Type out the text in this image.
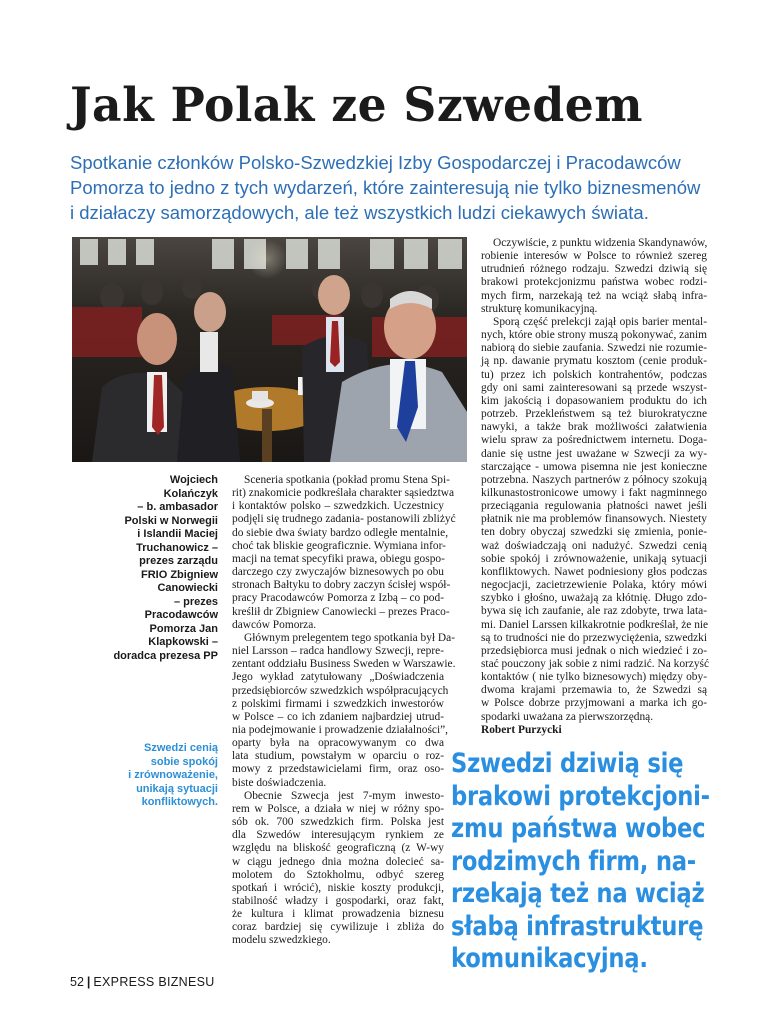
Jak Polak ze Szwedem
Spotkanie członków Polsko-Szwedzkiej Izby Gospodarczej i Pracodawców
Pomorza to jedno z tych wydarzeń, które zainteresują nie tylko biznesmenów
i działaczy samorządowych, ale też wszystkich ludzi ciekawych świata.
Wojciech
Kolańczyk
– b. ambasador
Polski w Norwegii
i Islandii Maciej
Truchanowicz –
prezes zarządu
FRIO Zbigniew
Canowiecki
– prezes
Pracodawców
Pomorza Jan
Klapkowski –
doradca prezesa PP
Szwedzi cenią
sobie spokój
i zrównoważenie,
unikają sytuacji
konfliktowych.
Sceneria spotkania (pokład promu Stena Spi-
rit) znakomicie podkreślała charakter sąsiedztwa
i kontaktów polsko – szwedzkich. Uczestnicy
podjęli się trudnego zadania- postanowili zbliżyć
do siebie dwa światy bardzo odległe mentalnie,
choć tak bliskie geograficznie. Wymiana infor-
macji na temat specyfiki prawa, obiegu gospo-
darczego czy zwyczajów biznesowych po obu
stronach Bałtyku to dobry zaczyn ścisłej współ-
pracy Pracodawców Pomorza z Izbą – co pod-
kreślił dr Zbigniew Canowiecki – prezes Praco-
dawców Pomorza.
Głównym prelegentem tego spotkania był Da-
niel Larsson – radca handlowy Szwecji, repre-
zentant oddziału Business Sweden w Warszawie.
Jego wykład zatytułowany „Doświadczenia
przedsiębiorców szwedzkich współpracujących
z polskimi firmami i szwedzkich inwestorów
w Polsce – co ich zdaniem najbardziej utrud-
nia podejmowanie i prowadzenie działalności”,
oparty była na opracowywanym co dwa
lata studium, powstałym w oparciu o roz-
mowy z przedstawicielami firm, oraz oso-
biste doświadczenia.
Obecnie Szwecja jest 7-mym inwesto-
rem w Polsce, a działa w niej w różny spo-
sób ok. 700 szwedzkich firm. Polska jest
dla Szwedów interesującym rynkiem ze
względu na bliskość geograficzną (z W-wy
w ciągu jednego dnia można dolecieć sa-
molotem do Sztokholmu, odbyć szereg
spotkań i wrócić), niskie koszty produkcji,
stabilność władzy i gospodarki, oraz fakt,
że kultura i klimat prowadzenia biznesu
coraz bardziej się cywilizuje i zbliża do
modelu szwedzkiego.
Oczywiście, z punktu widzenia Skandynawów,
robienie interesów w Polsce to również szereg
utrudnień różnego rodzaju. Szwedzi dziwią się
brakowi protekcjonizmu państwa wobec rodzi-
mych firm, narzekają też na wciąż słabą infra-
strukturę komunikacyjną.
Sporą część prelekcji zajął opis barier mental-
nych, które obie strony muszą pokonywać, zanim
nabiorą do siebie zaufania. Szwedzi nie rozumie-
ją np. dawanie prymatu kosztom (cenie produk-
tu) przez ich polskich kontrahentów, podczas
gdy oni sami zainteresowani są przede wszyst-
kim jakością i dopasowaniem produktu do ich
potrzeb. Przekleństwem są też biurokratyczne
nawyki, a także brak możliwości załatwienia
wielu spraw za pośrednictwem internetu. Doga-
danie się ustne jest uważane w Szwecji za wy-
starczające - umowa pisemna nie jest konieczne
potrzebna. Naszych partnerów z północy szokują
kilkunastostronicowe umowy i fakt nagminnego
przeciągania regulowania płatności nawet jeśli
płatnik nie ma problemów finansowych. Niestety
ten dobry obyczaj szwedzki się zmienia, ponie-
waż doświadczają oni nadużyć. Szwedzi cenią
sobie spokój i zrównoważenie, unikają sytuacji
konfliktowych. Nawet podniesiony głos podczas
negocjacji, zacietrzewienie Polaka, który mówi
szybko i głośno, uważają za kłótnię. Długo zdo-
bywa się ich zaufanie, ale raz zdobyte, trwa lata-
mi. Daniel Larssen kilkakrotnie podkreślał, że nie
są to trudności nie do przezwyciężenia, szwedzki
przedsiębiorca musi jednak o nich wiedzieć i zo-
stać pouczony jak sobie z nimi radzić. Na korzyść
kontaktów ( nie tylko biznesowych) między oby-
dwoma krajami przemawia to, że Szwedzi są
w Polsce dobrze przyjmowani a marka ich go-
spodarki uważana za pierwszorzędną.
Robert Purzycki
Szwedzi dziwią się
brakowi protekcjoni-
zmu państwa wobec
rodzimych firm, na-
rzekają też na wciąż
słabą infrastrukturę
komunikacyjną.
52 | EXPRESS BIZNESU
